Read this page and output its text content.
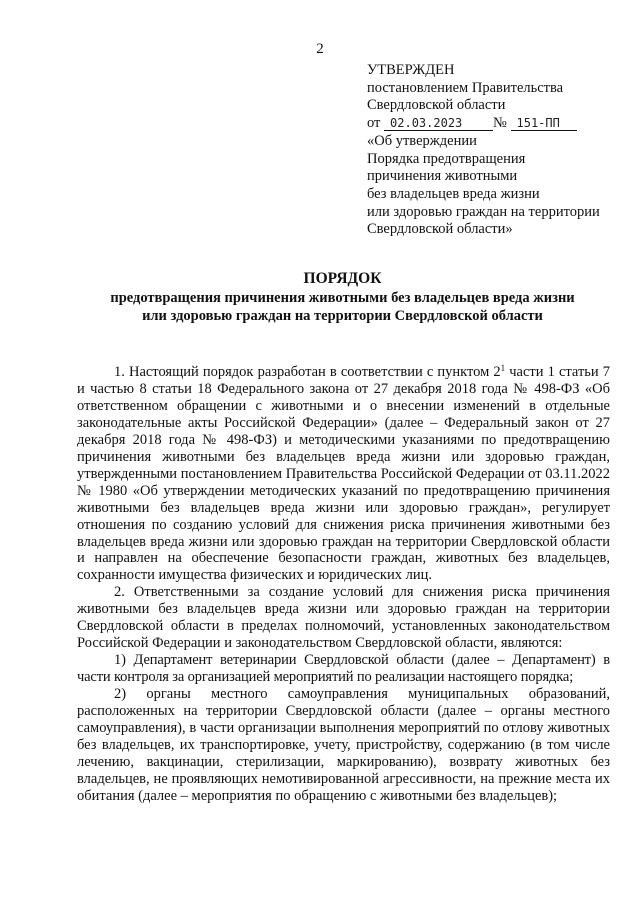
2
УТВЕРЖДЕН
постановлением Правительства
Свердловской области
от 02.03.2023 № 151-ПП
«Об утверждении
Порядка предотвращения
причинения животными
без владельцев вреда жизни
или здоровью граждан на территории
Свердловской области»
ПОРЯДОК
предотвращения причинения животными без владельцев вреда жизни
или здоровью граждан на территории Свердловской области

1. Настоящий порядок разработан в соответствии с пунктом $2^1$ части 1 статьи 7 и частью 8 статьи 18 Федерального закона от 27 декабря 2018 года № 498-ФЗ «Об ответственном обращении с животными и о внесении изменений в отдельные законодательные акты Российской Федерации» (далее – Федеральный закон от 27 декабря 2018 года № 498-ФЗ) и методическими указаниями по предотвращению причинения животными без владельцев вреда жизни или здоровью граждан, утвержденными постановлением Правительства Российской Федерации от 03.11.2022 № 1980 «Об утверждении методических указаний по предотвращению причинения животными без владельцев вреда жизни или здоровью граждан», регулирует отношения по созданию условий для снижения риска причинения животными без владельцев вреда жизни или здоровью граждан на территории Свердловской области и направлен на обеспечение безопасности граждан, животных без владельцев, сохранности имущества физических и юридических лиц.

2. Ответственными за создание условий для снижения риска причинения животными без владельцев вреда жизни или здоровью граждан на территории Свердловской области в пределах полномочий, установленных законодательством Российской Федерации и законодательством Свердловской области, являются:

1) Департамент ветеринарии Свердловской области (далее – Департамент) в части контроля за организацией мероприятий по реализации настоящего порядка;

2) органы местного самоуправления муниципальных образований, расположенных на территории Свердловской области (далее – органы местного самоуправления), в части организации выполнения мероприятий по отлову животных без владельцев, их транспортировке, учету, пристройству, содержанию (в том числе лечению, вакцинации, стерилизации, маркированию), возврату животных без владельцев, не проявляющих немотивированной агрессивности, на прежние места их обитания (далее – мероприятия по обращению с животными без владельцев);
